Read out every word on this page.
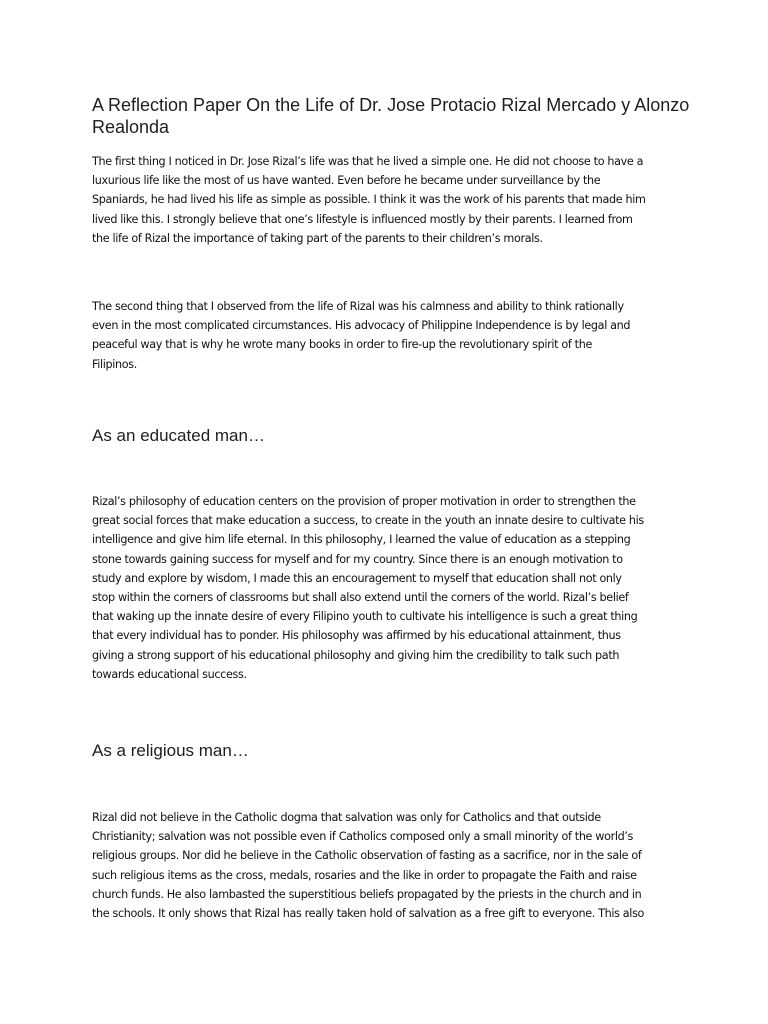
A Reflection Paper On the Life of Dr. Jose Protacio Rizal Mercado y Alonzo Realonda
The first thing I noticed in Dr. Jose Rizal’s life was that he lived a simple one. He did not choose to have a
luxurious life like the most of us have wanted. Even before he became under surveillance by the
Spaniards, he had lived his life as simple as possible. I think it was the work of his parents that made him
lived like this. I strongly believe that one’s lifestyle is influenced mostly by their parents. I learned from
the life of Rizal the importance of taking part of the parents to their children’s morals.
The second thing that I observed from the life of Rizal was his calmness and ability to think rationally
even in the most complicated circumstances. His advocacy of Philippine Independence is by legal and
peaceful way that is why he wrote many books in order to fire-up the revolutionary spirit of the
Filipinos.
As an educated man…
Rizal’s philosophy of education centers on the provision of proper motivation in order to strengthen the
great social forces that make education a success, to create in the youth an innate desire to cultivate his
intelligence and give him life eternal. In this philosophy, I learned the value of education as a stepping
stone towards gaining success for myself and for my country. Since there is an enough motivation to
study and explore by wisdom, I made this an encouragement to myself that education shall not only
stop within the corners of classrooms but shall also extend until the corners of the world. Rizal’s belief
that waking up the innate desire of every Filipino youth to cultivate his intelligence is such a great thing
that every individual has to ponder. His philosophy was affirmed by his educational attainment, thus
giving a strong support of his educational philosophy and giving him the credibility to talk such path
towards educational success.
As a religious man…
Rizal did not believe in the Catholic dogma that salvation was only for Catholics and that outside
Christianity; salvation was not possible even if Catholics composed only a small minority of the world’s
religious groups. Nor did he believe in the Catholic observation of fasting as a sacrifice, nor in the sale of
such religious items as the cross, medals, rosaries and the like in order to propagate the Faith and raise
church funds. He also lambasted the superstitious beliefs propagated by the priests in the church and in
the schools. It only shows that Rizal has really taken hold of salvation as a free gift to everyone. This also
